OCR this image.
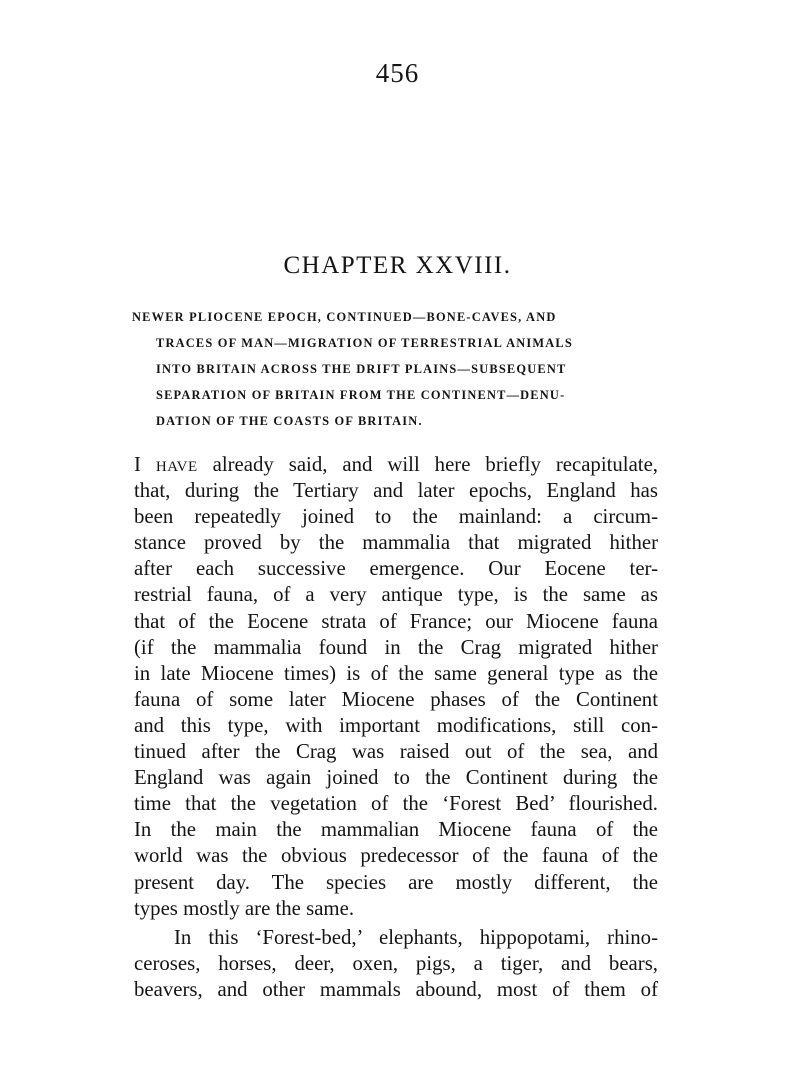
456
CHAPTER XXVIII.
NEWER PLIOCENE EPOCH, CONTINUED—BONE-CAVES, AND
TRACES OF MAN—MIGRATION OF TERRESTRIAL ANIMALS
INTO BRITAIN ACROSS THE DRIFT PLAINS—SUBSEQUENT
SEPARATION OF BRITAIN FROM THE CONTINENT—DENU-
DATION OF THE COASTS OF BRITAIN.
I have already said, and will here briefly recapitulate,
that, during the Tertiary and later epochs, England has
been repeatedly joined to the mainland: a circum-
stance proved by the mammalia that migrated hither
after each successive emergence. Our Eocene ter-
restrial fauna, of a very antique type, is the same as
that of the Eocene strata of France; our Miocene fauna
(if the mammalia found in the Crag migrated hither
in late Miocene times) is of the same general type as the
fauna of some later Miocene phases of the Continent
and this type, with important modifications, still con-
tinued after the Crag was raised out of the sea, and
England was again joined to the Continent during the
time that the vegetation of the ‘Forest Bed’ flourished.
In the main the mammalian Miocene fauna of the
world was the obvious predecessor of the fauna of the
present day. The species are mostly different, the
types mostly are the same.
In this ‘Forest-bed,’ elephants, hippopotami, rhino-
ceroses, horses, deer, oxen, pigs, a tiger, and bears,
beavers, and other mammals abound, most of them of
